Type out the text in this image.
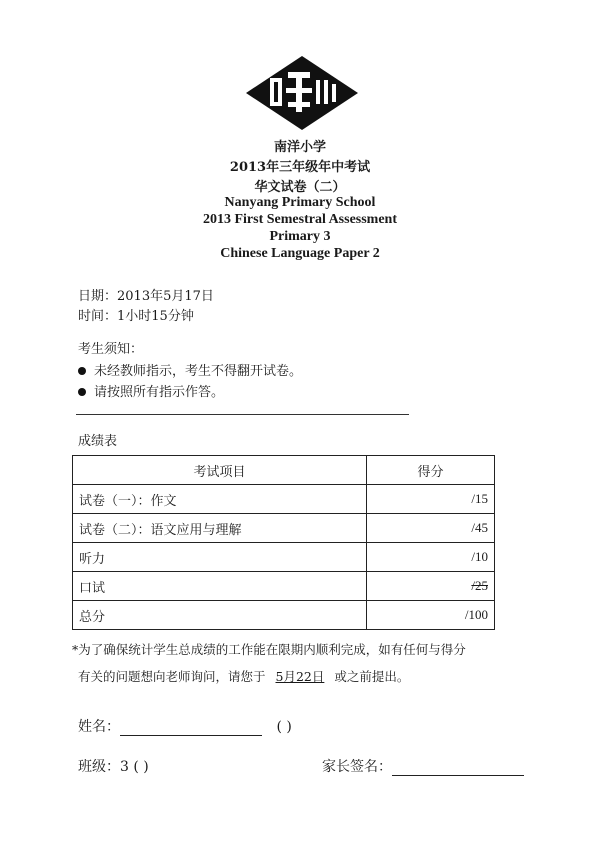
南洋小学
2013年三年级年中考试
华文试卷（二）
Nanyang Primary School
2013 First Semestral Assessment
Primary 3
Chinese Language Paper 2
日期：2013年5月17日
时间：1小时15分钟
考生须知：
未经教师指示，考生不得翻开试卷。
请按照所有指示作答。
成绩表
考试项目	得分
试卷（一）：作文	/15
试卷（二）：语文应用与理解	/45
听力	/10
口试	/25
总分	/100
*为了确保统计学生总成绩的工作能在限期内顺利完成，如有任何与得分
有关的问题想向老师询问，请您于 5月22日 或之前提出。
姓名：	( )
班级：3 ( )	家长签名：
